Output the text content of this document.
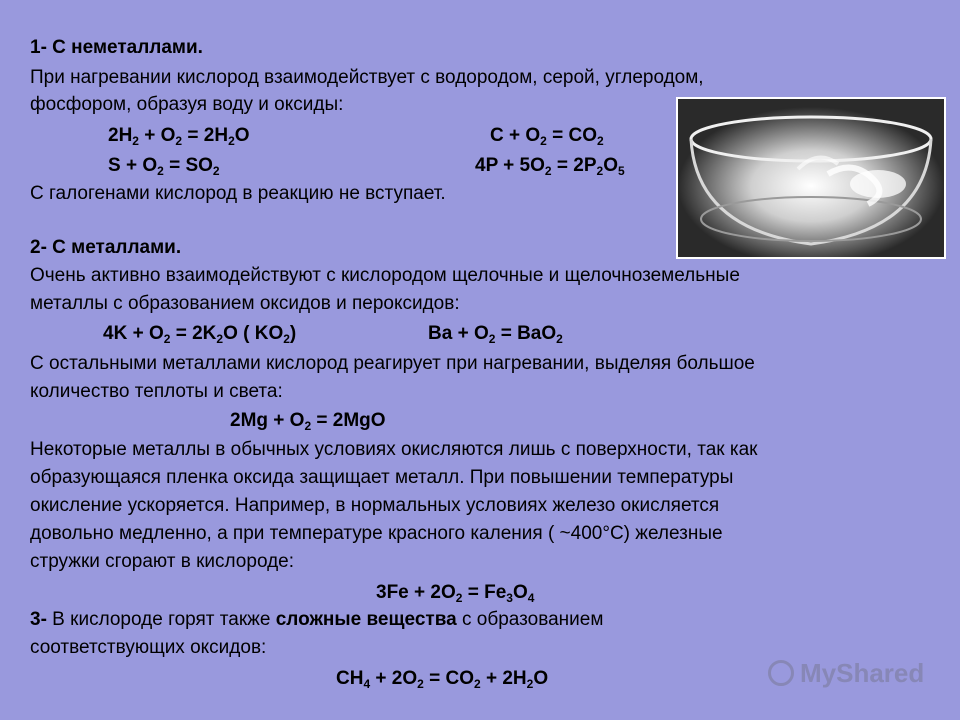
1- С неметаллами.
При нагревании кислород взаимодействует с водородом, серой, углеродом,
фосфором, образуя воду и оксиды:
$2H_2 + O_2 = 2H_2O$	$C + O_2 = CO_2$
$S + O_2 = SO_2$	$4P + 5O_2 = 2P_2O_5$
С галогенами кислород в реакцию не вступает.
2- С металлами.
Очень активно взаимодействуют с кислородом щелочные и щелочноземельные
металлы с образованием оксидов и пероксидов:
$4K + O_2 = 2K_2O$ ( $KO_2$)	$Ba + O_2 = BaO_2$
С остальными металлами кислород реагирует при нагревании, выделяя большое
количество теплоты и света:
$2Mg + O_2 = 2MgO$
Некоторые металлы в обычных условиях окисляются лишь с поверхности, так как
образующаяся пленка оксида защищает металл. При повышении температуры
окисление ускоряется. Например, в нормальных условиях железо окисляется
довольно медленно, а при температуре красного каления ( ~400°С) железные
стружки сгорают в кислороде:
$3Fe + 2O_2 = Fe_3O_4$
3- В кислороде горят также сложные вещества с образованием
соответствующих оксидов:
$CH_4 + 2O_2 = CO_2 + 2H_2O$	MyShared
